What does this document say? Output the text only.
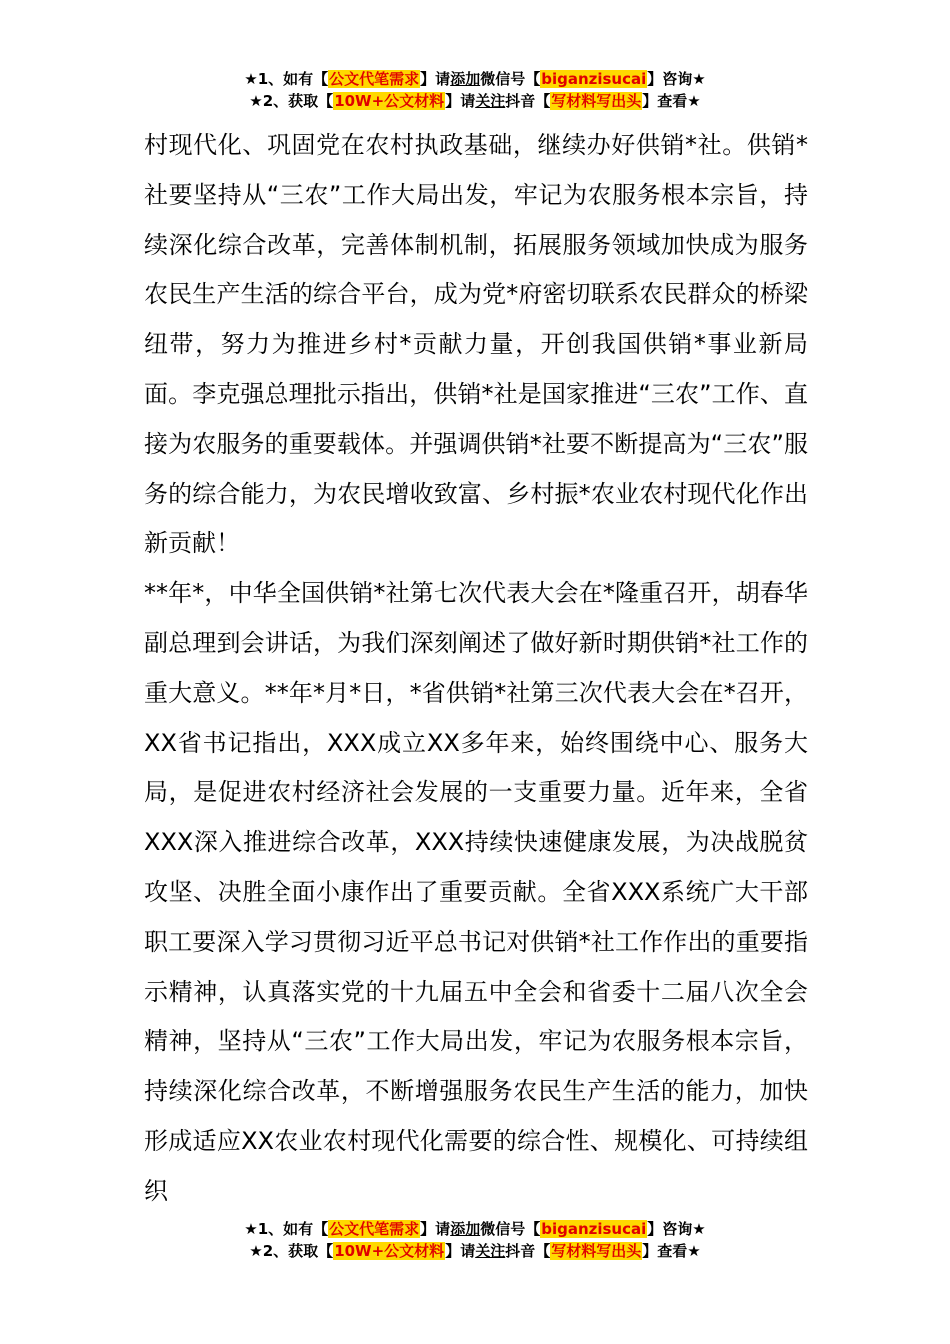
★1、如有【公文代笔需求】请添加微信号【biganzisucai】咨询★
★2、获取【10W+公文材料】请关注抖音【写材料写出头】查看★

村现代化、巩固党在农村执政基础，继续办好供销*社。供销*社要坚持从“三农”工作大局出发，牢记为农服务根本宗旨，持续深化综合改革，完善体制机制，拓展服务领域加快成为服务农民生产生活的综合平台，成为党*府密切联系农民群众的桥梁纽带，努力为推进乡村*贡献力量，开创我国供销*事业新局面。李克强总理批示指出，供销*社是国家推进“三农”工作、直接为农服务的重要载体。并强调供销*社要不断提高为“三农”服务的综合能力，为农民增收致富、乡村振*农业农村现代化作出新贡献！

**年*，中华全国供销*社第七次代表大会在*隆重召开，胡春华副总理到会讲话，为我们深刻阐述了做好新时期供销*社工作的重大意义。**年*月*日，*省供销*社第三次代表大会在*召开，XX省书记指出，XXX成立XX多年来，始终围绕中心、服务大局，是促进农村经济社会发展的一支重要力量。近年来，全省XXX深入推进综合改革，XXX持续快速健康发展，为决战脱贫攻坚、决胜全面小康作出了重要贡献。全省XXX系统广大干部职工要深入学习贯彻习近平总书记对供销*社工作作出的重要指示精神，认真落实党的十九届五中全会和省委十二届八次全会精神，坚持从“三农”工作大局出发，牢记为农服务根本宗旨，持续深化综合改革，不断增强服务农民生产生活的能力，加快形成适应XX农业农村现代化需要的综合性、规模化、可持续组织

★1、如有【公文代笔需求】请添加微信号【biganzisucai】咨询★
★2、获取【10W+公文材料】请关注抖音【写材料写出头】查看★
